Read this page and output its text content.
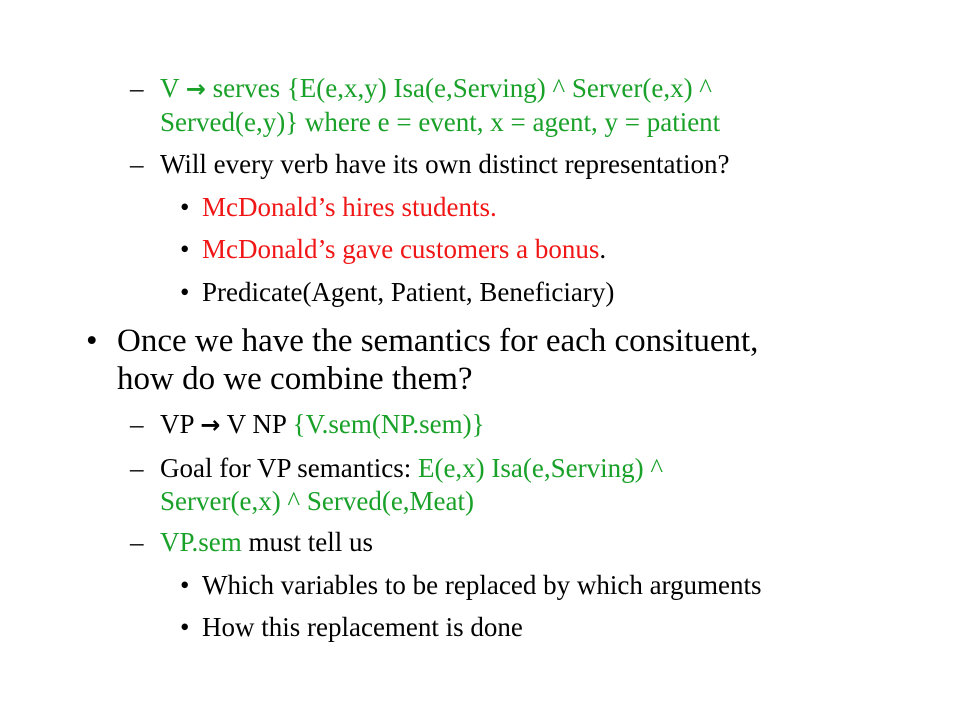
– V → serves {E(e,x,y) Isa(e,Serving) ^ Server(e,x) ^
Served(e,y)} where e = event, x = agent, y = patient
– Will every verb have its own distinct representation?
• McDonald’s hires students.
• McDonald’s gave customers a bonus.
• Predicate(Agent, Patient, Beneficiary)
• Once we have the semantics for each consituent,
how do we combine them?
– VP → V NP {V.sem(NP.sem)}
– Goal for VP semantics: E(e,x) Isa(e,Serving) ^
Server(e,x) ^ Served(e,Meat)
– VP.sem must tell us
• Which variables to be replaced by which arguments
• How this replacement is done
